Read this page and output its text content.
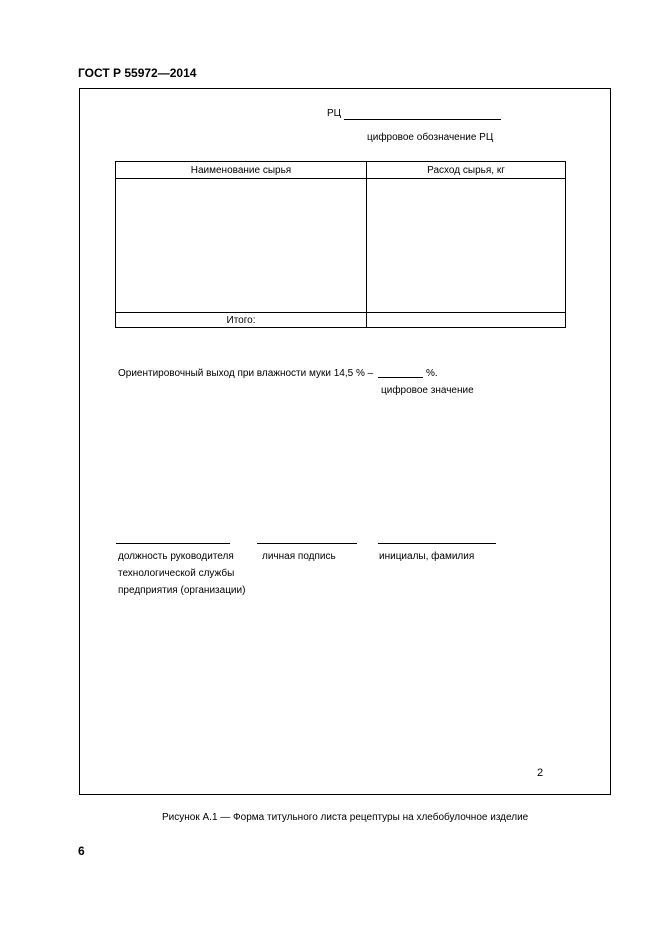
ГОСТ Р 55972—2014
РЦ
цифровое обозначение РЦ
Наименование сырья	Расход сырья, кг

Итого:	
Ориентировочный выход при влажности муки 14,5 % –	%.
цифровое значение
должность руководителя
технологической службы
предприятия (организации)
личная подпись	инициалы, фамилия
2
Рисунок А.1 — Форма титульного листа рецептуры на хлебобулочное изделие
6
